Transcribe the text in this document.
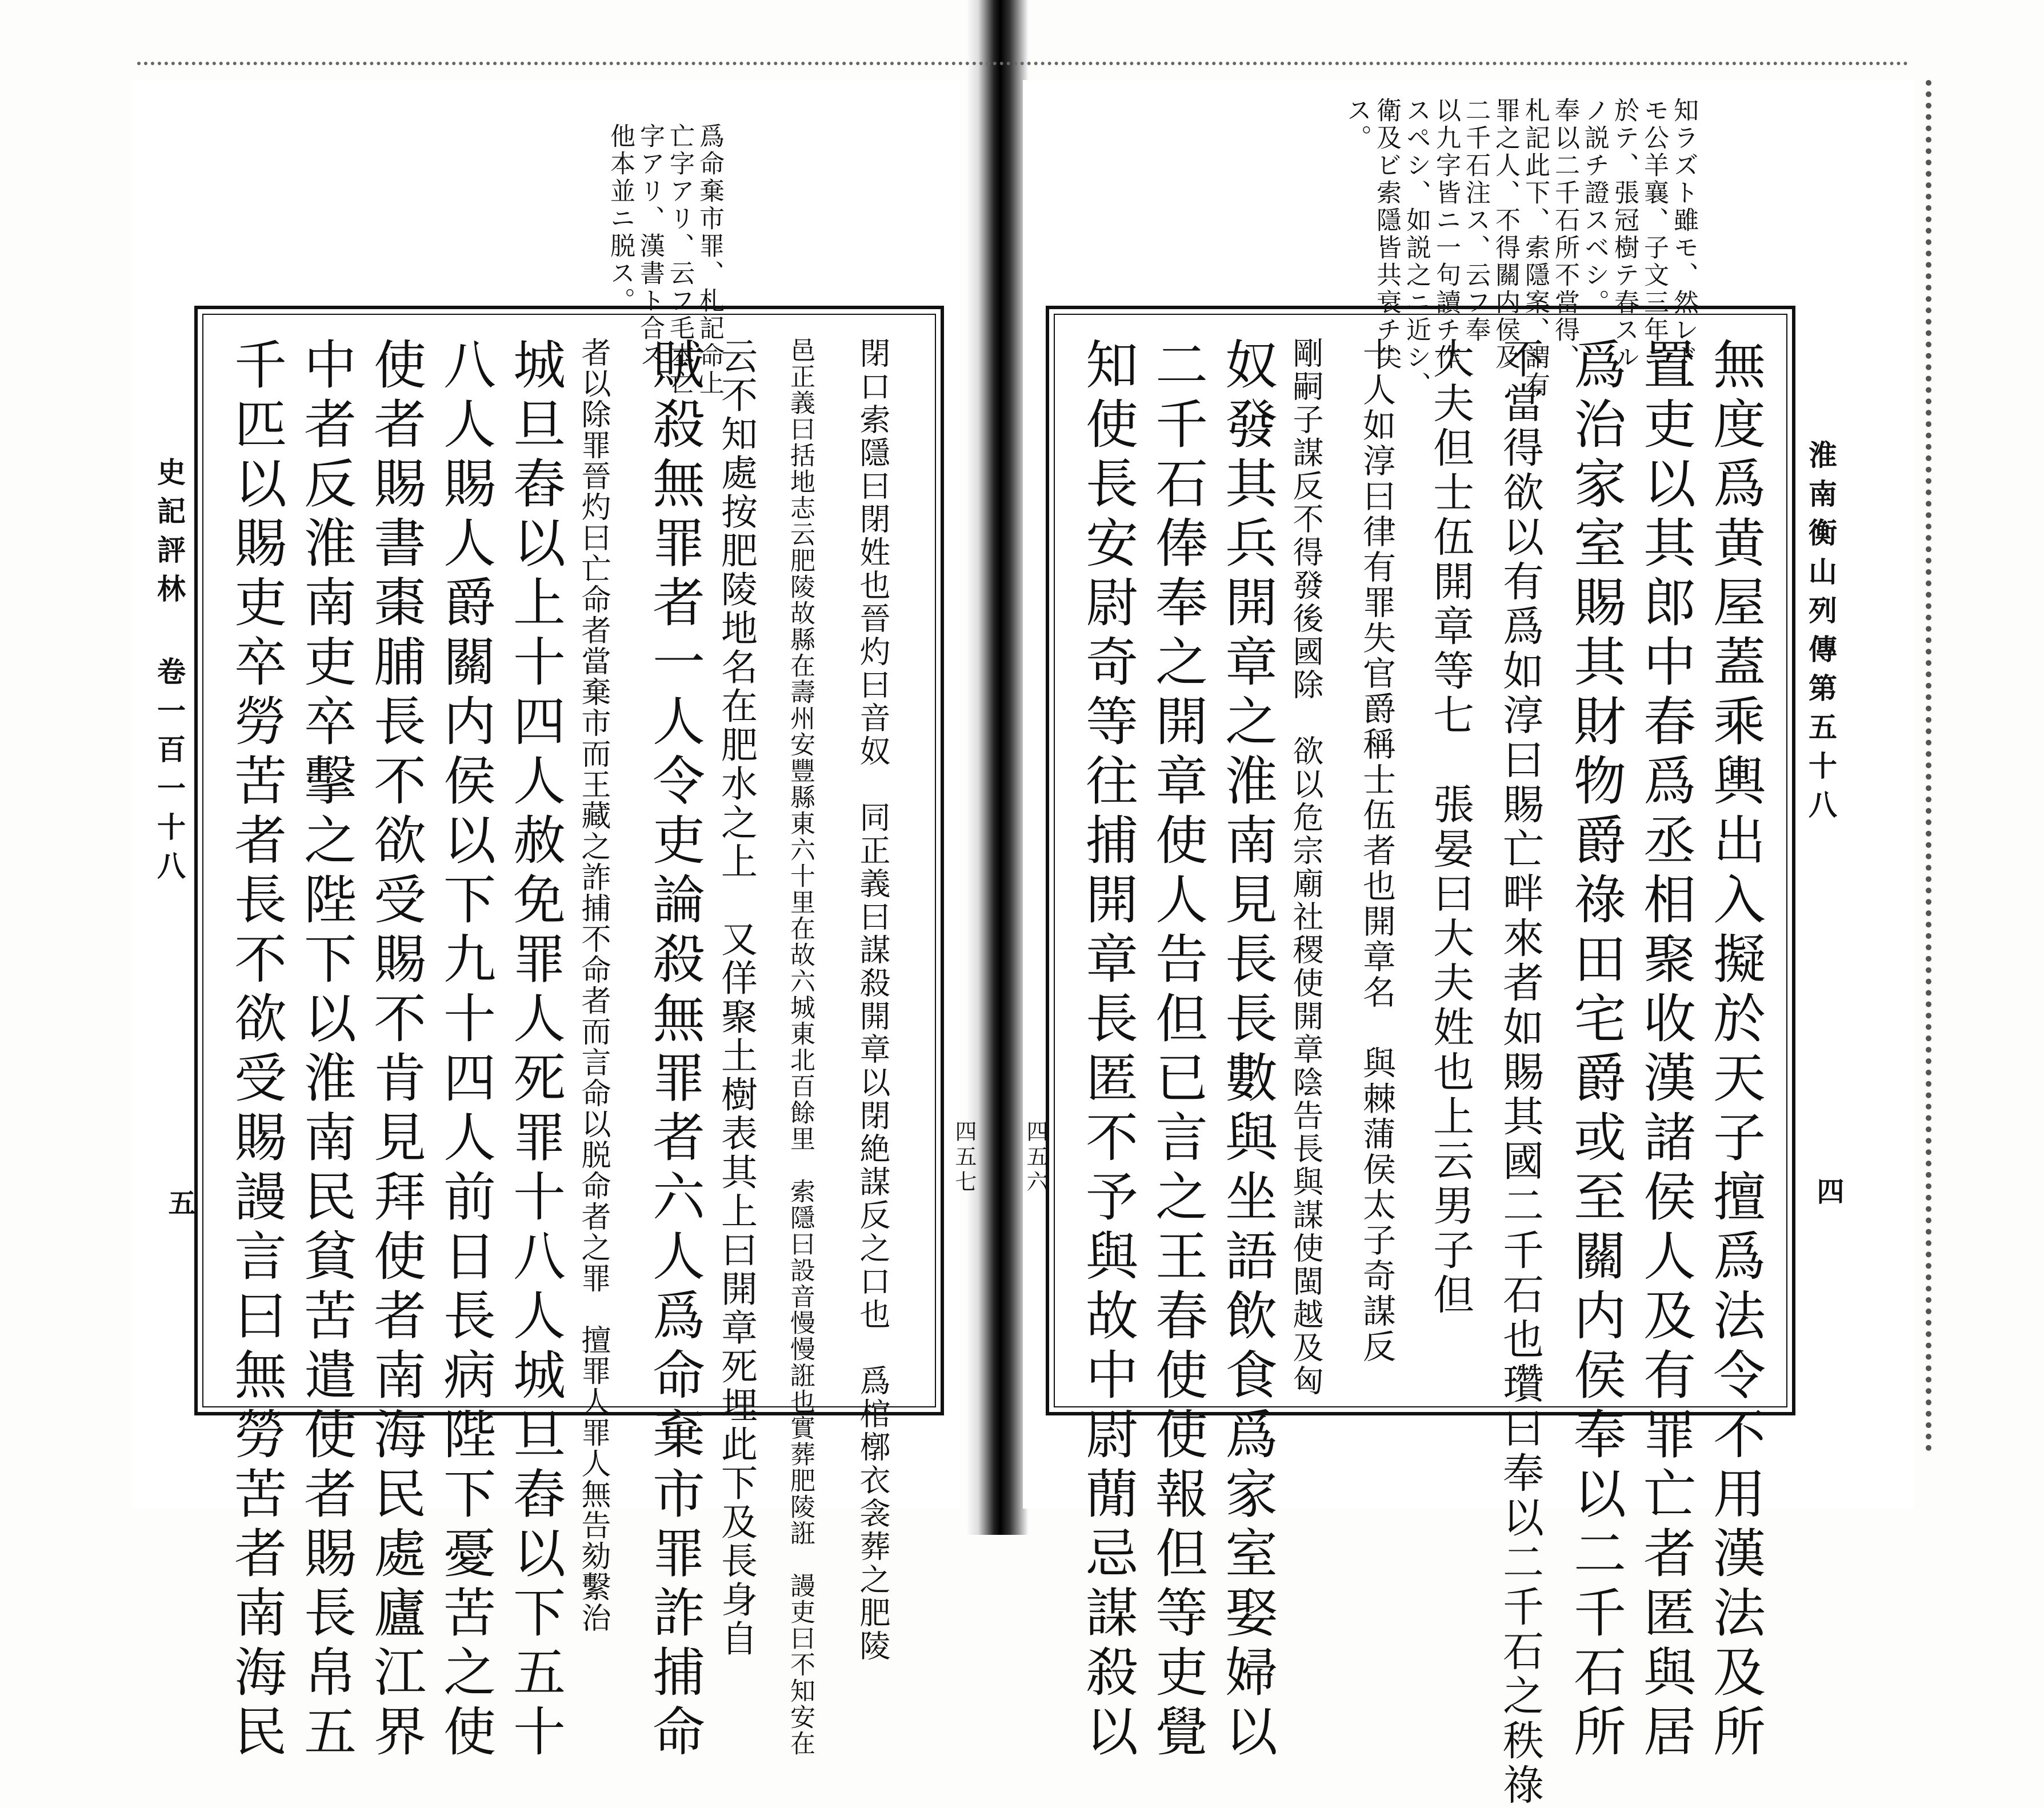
淮南衡山列傳第五十八
四
四五六
知ラズト雖モ、然レド
モ公羊襄、子文三年ニ
於テ、張冠樹テ春スル
ノ説チ證スベシ。
奉以二千石所不當得、
札記此下、索隱案、謂有
罪之人、不得關内侯及
二千石注ス、云フ奉
以九字皆ニ一句讀チ作
スペシ、如説之ニ近シ、
衛及ビ索隱皆共衰チ尖
ス。
無度爲黄屋蓋乘輿出入擬於天子擅爲法令不用漢法及所
置吏以其郎中春爲丞相聚收漢諸侯人及有罪亡者匿與居
爲治家室賜其財物爵祿田宅爵或至關内侯奉以二千石所
不當得欲以有爲如淳曰賜亡畔來者如賜其國二千石也瓚曰奉以二千石之秩祿
大夫但士伍開章等七　張晏曰大夫姓也上云男子但
十人如淳曰律有罪失官爵稱士伍者也開章名　與棘蒲侯太子奇謀反
剛嗣子謀反不得發後國除　欲以危宗廟社稷使開章陰告長與謀使閩越及匈
奴發其兵開章之淮南見長長數與坐語飲食爲家室娶婦以
二千石俸奉之開章使人告但已言之王春使使報但等吏覺
知使長安尉奇等往捕開章長匿不予與故中尉蕑忌謀殺以
史記評林 卷一百一十八
五
四五七
爲命棄市罪、札記命上
亡字アリ、云フ毛本亡
字アリ、漢書ト合ス、
他本並ニ脱ス。
閉口索隱曰閉姓也晉灼曰音奴　同正義曰謀殺開章以閉絶謀反之口也　爲棺槨衣衾葬之肥陵
邑正義曰括地志云肥陵故縣在壽州安豐縣東六十里在故六城東北百餘里　索隱曰設音慢慢誑也實葬肥陵誑　謾吏曰不知安在
云不知處按肥陵地名在肥水之上　又佯聚土樹表其上曰開章死埋此下及長身自
賊殺無罪者一人令吏論殺無罪者六人爲命棄市罪詐捕命
者以除罪晉灼曰亡命者當棄市而王藏之詐捕不命者而言命以脱命者之罪　擅罪人罪人無告劾繫治
城旦舂以上十四人赦免罪人死罪十八人城旦舂以下五十
八人賜人爵關内侯以下九十四人前日長病陛下憂苦之使
使者賜書棗脯長不欲受賜不肯見拜使者南海民處廬江界
中者反淮南吏卒擊之陛下以淮南民貧苦遣使者賜長帛五
千匹以賜吏卒勞苦者長不欲受賜謾言曰無勞苦者南海民
